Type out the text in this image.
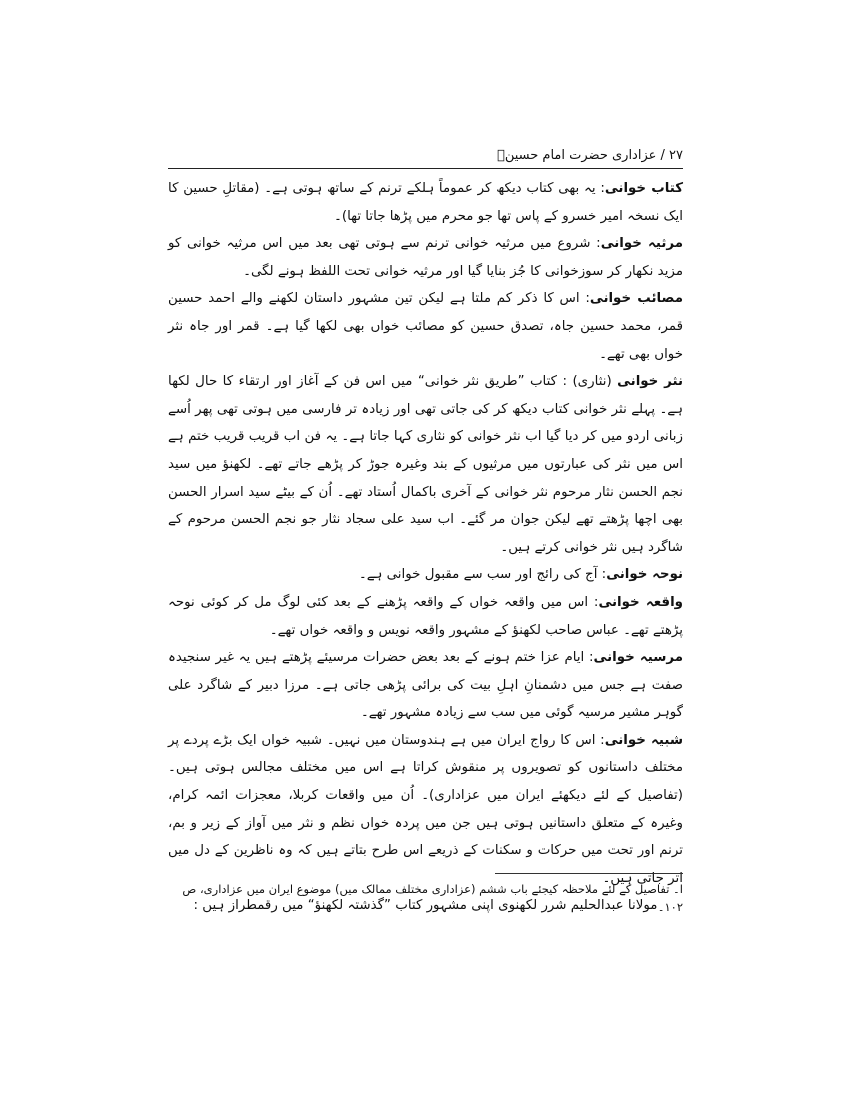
۲۷ / عزاداری حضرت امام حسینؑ

کتاب خوانی: یہ بھی کتاب دیکھ کر عموماً ہلکے ترنم کے ساتھ ہوتی ہے۔ (مقاتلِ حسین کا ایک نسخہ امیر خسرو کے پاس تھا جو محرم میں پڑھا جاتا تھا)۔

مرثیہ خوانی: شروع میں مرثیہ خوانی ترنم سے ہوتی تھی بعد میں اس مرثیہ خوانی کو مزید نکھار کر سوزخوانی کا جُز بنایا گیا اور مرثیہ خوانی تحت اللفظ ہونے لگی۔

مصائب خوانی: اس کا ذکر کم ملتا ہے لیکن تین مشہور داستان لکھنے والے احمد حسین قمر، محمد حسین جاہ، تصدق حسین کو مصائب خواں بھی لکھا گیا ہے۔ قمر اور جاہ نثر خواں بھی تھے۔

نثر خوانی (نثاری) : کتاب ”طریق نثر خوانی“ میں اس فن کے آغاز اور ارتقاء کا حال لکھا ہے۔ پہلے نثر خوانی کتاب دیکھ کر کی جاتی تھی اور زیادہ تر فارسی میں ہوتی تھی پھر اُسے زبانی اردو میں کر دیا گیا اب نثر خوانی کو نثاری کہا جاتا ہے۔ یہ فن اب قریب قریب ختم ہے اس میں نثر کی عبارتوں میں مرثیوں کے بند وغیرہ جوڑ کر پڑھے جاتے تھے۔ لکھنؤ میں سید نجم الحسن نثار مرحوم نثر خوانی کے آخری باکمال اُستاد تھے۔ اُن کے بیٹے سید اسرار الحسن بھی اچھا پڑھتے تھے لیکن جوان مر گئے۔ اب سید علی سجاد نثار جو نجم الحسن مرحوم کے شاگرد ہیں نثر خوانی کرتے ہیں۔

نوحہ خوانی: آج کی رائج اور سب سے مقبول خوانی ہے۔

واقعہ خوانی: اس میں واقعہ خواں کے واقعہ پڑھنے کے بعد کئی لوگ مل کر کوئی نوحہ پڑھتے تھے۔ عباس صاحب لکھنؤ کے مشہور واقعہ نویس و واقعہ خواں تھے۔

مرسیہ خوانی: ایام عزا ختم ہونے کے بعد بعض حضرات مرسیئے پڑھتے ہیں یہ غیر سنجیدہ صفت ہے جس میں دشمنانِ اہلِ بیت کی برائی پڑھی جاتی ہے۔ مرزا دبیر کے شاگرد علی گوہر مشیر مرسیہ گوئی میں سب سے زیادہ مشہور تھے۔

شبیہ خوانی: اس کا رواج ایران میں ہے ہندوستان میں نہیں۔ شبیہ خواں ایک بڑے پردے پر مختلف داستانوں کو تصویروں پر منقوش کراتا ہے اس میں مختلف مجالس ہوتی ہیں۔ (تفاصیل کے لئے دیکھئے ایران میں عزاداری)۔ اُن میں واقعات کربلا، معجزات ائمہ کرام، وغیرہ کے متعلق داستانیں ہوتی ہیں جن میں پردہ خواں نظم و نثر میں آواز کے زیر و بم، ترنم اور تحت میں حرکات و سکنات کے ذریعے اس طرح بتاتے ہیں کہ وہ ناظرین کے دل میں اتر جاتی ہیں۔

مولانا عبدالحلیم شرر لکھنوی اپنی مشہور کتاب ”گذشتہ لکھنؤ“ میں رقمطراز ہیں :

ا۔ تفاصیل کے لئے ملاحظہ کیجئے باب ششم (عزاداری مختلف ممالک میں) موضوع ایران میں عزاداری، ص ۱۰۲۔
